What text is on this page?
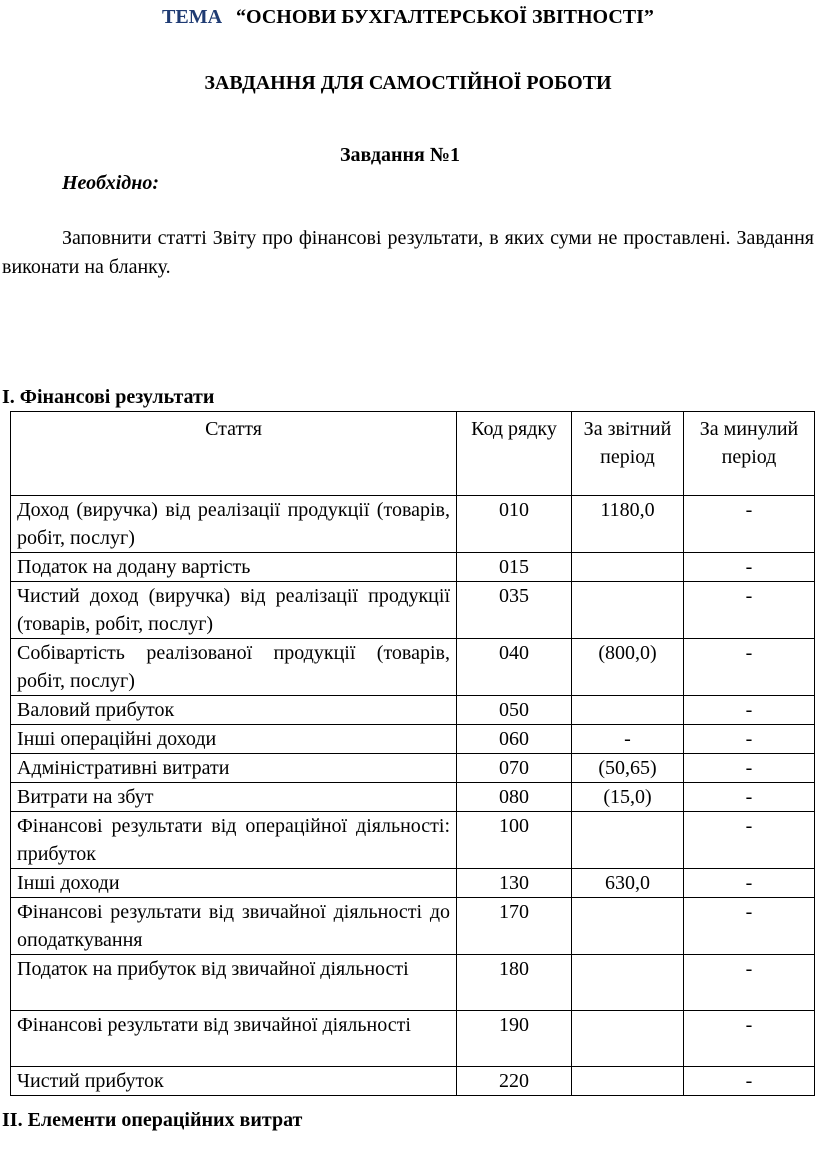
ТЕМА “ОСНОВИ БУХГАЛТЕРСЬКОЇ ЗВІТНОСТІ”
ЗАВДАННЯ ДЛЯ САМОСТІЙНОЇ РОБОТИ
Завдання №1
Необхідно:
Заповнити статті Звіту про фінансові результати, в яких суми не проставлені. Завдання виконати на бланку.
І. Фінансові результати
Стаття	Код рядку	За звітний період	За минулий період
Доход (виручка) від реалізації продукції (товарів, робіт, послуг)	010	1180,0	-
Податок на додану вартість	015		-
Чистий доход (виручка) від реалізації продукції (товарів, робіт, послуг)	035		-
Собівартість реалізованої продукції (товарів, робіт, послуг)	040	(800,0)	-
Валовий прибуток	050		-
Інші операційні доходи	060	-	-
Адміністративні витрати	070	(50,65)	-
Витрати на збут	080	(15,0)	-
Фінансові результати від операційної діяльності: прибуток	100		-
Інші доходи	130	630,0	-
Фінансові результати від звичайної діяльності до оподаткування	170		-
Податок на прибуток від звичайної діяльності	180		-
Фінансові результати від звичайної діяльності	190		-
Чистий прибуток	220		-
ІІ. Елементи операційних витрат
